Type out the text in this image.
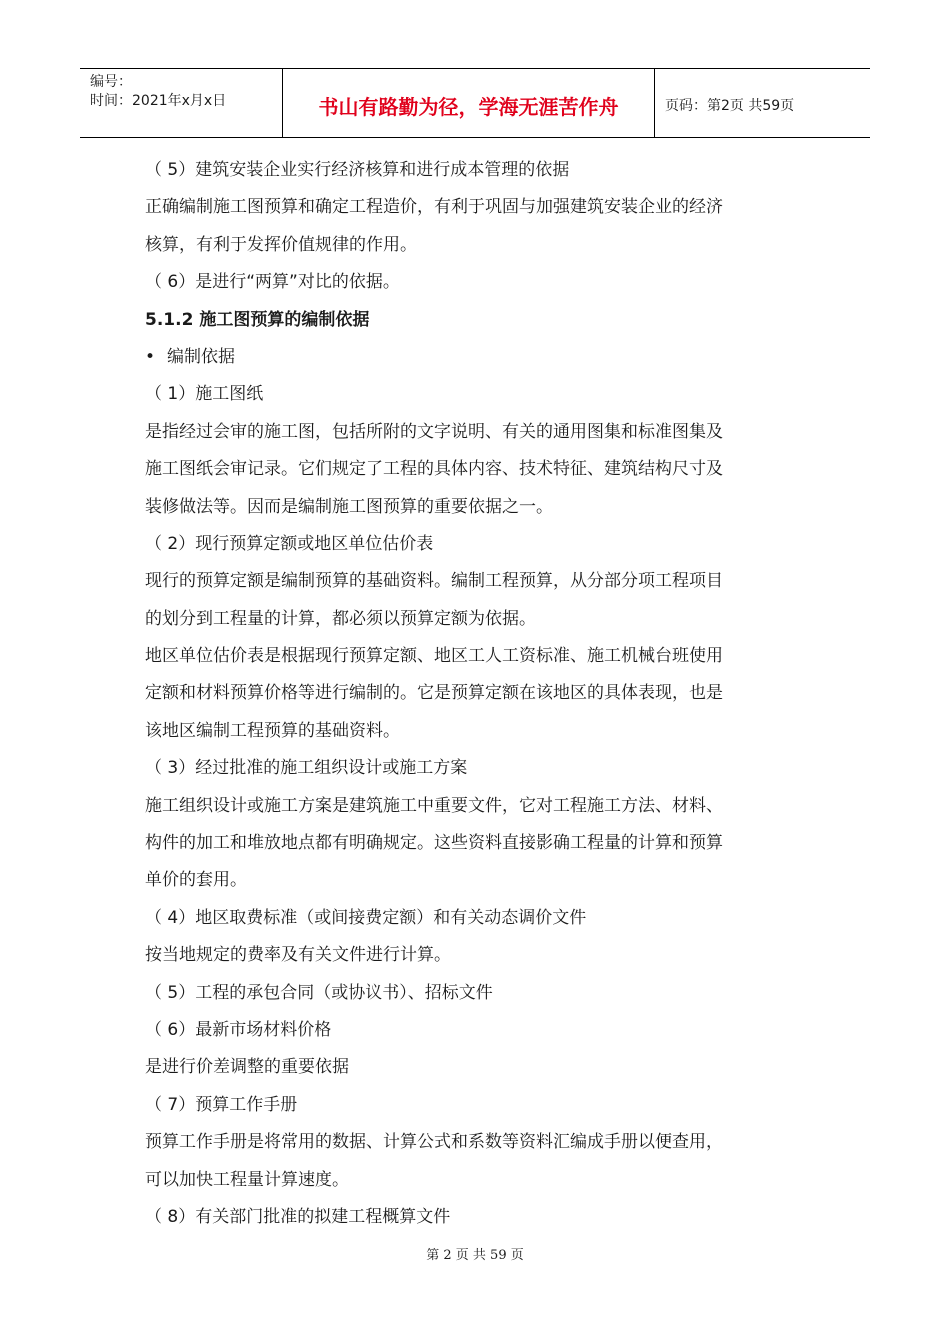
编号：
时间：2021年x月x日	书山有路勤为径，学海无涯苦作舟	页码：第2页 共59页
（ 5）建筑安装企业实行经济核算和进行成本管理的依据
正确编制施工图预算和确定工程造价，有利于巩固与加强建筑安装企业的经济
核算，有利于发挥价值规律的作用。
（ 6）是进行“两算”对比的依据。
5.1.2 施工图预算的编制依据
• 编制依据
（ 1）施工图纸
是指经过会审的施工图，包括所附的文字说明、有关的通用图集和标准图集及
施工图纸会审记录。它们规定了工程的具体内容、技术特征、建筑结构尺寸及
装修做法等。因而是编制施工图预算的重要依据之一。
（ 2）现行预算定额或地区单位估价表
现行的预算定额是编制预算的基础资料。编制工程预算，从分部分项工程项目
的划分到工程量的计算，都必须以预算定额为依据。
地区单位估价表是根据现行预算定额、地区工人工资标准、施工机械台班使用
定额和材料预算价格等进行编制的。它是预算定额在该地区的具体表现，也是
该地区编制工程预算的基础资料。
（ 3）经过批准的施工组织设计或施工方案
施工组织设计或施工方案是建筑施工中重要文件，它对工程施工方法、材料、
构件的加工和堆放地点都有明确规定。这些资料直接影确工程量的计算和预算
单价的套用。
（ 4）地区取费标准（或间接费定额）和有关动态调价文件
按当地规定的费率及有关文件进行计算。
（ 5）工程的承包合同（或协议书）、招标文件
（ 6）最新市场材料价格
是进行价差调整的重要依据
（ 7）预算工作手册
预算工作手册是将常用的数据、计算公式和系数等资料汇编成手册以便查用，
可以加快工程量计算速度。
（ 8）有关部门批准的拟建工程概算文件
第 2 页 共 59 页
